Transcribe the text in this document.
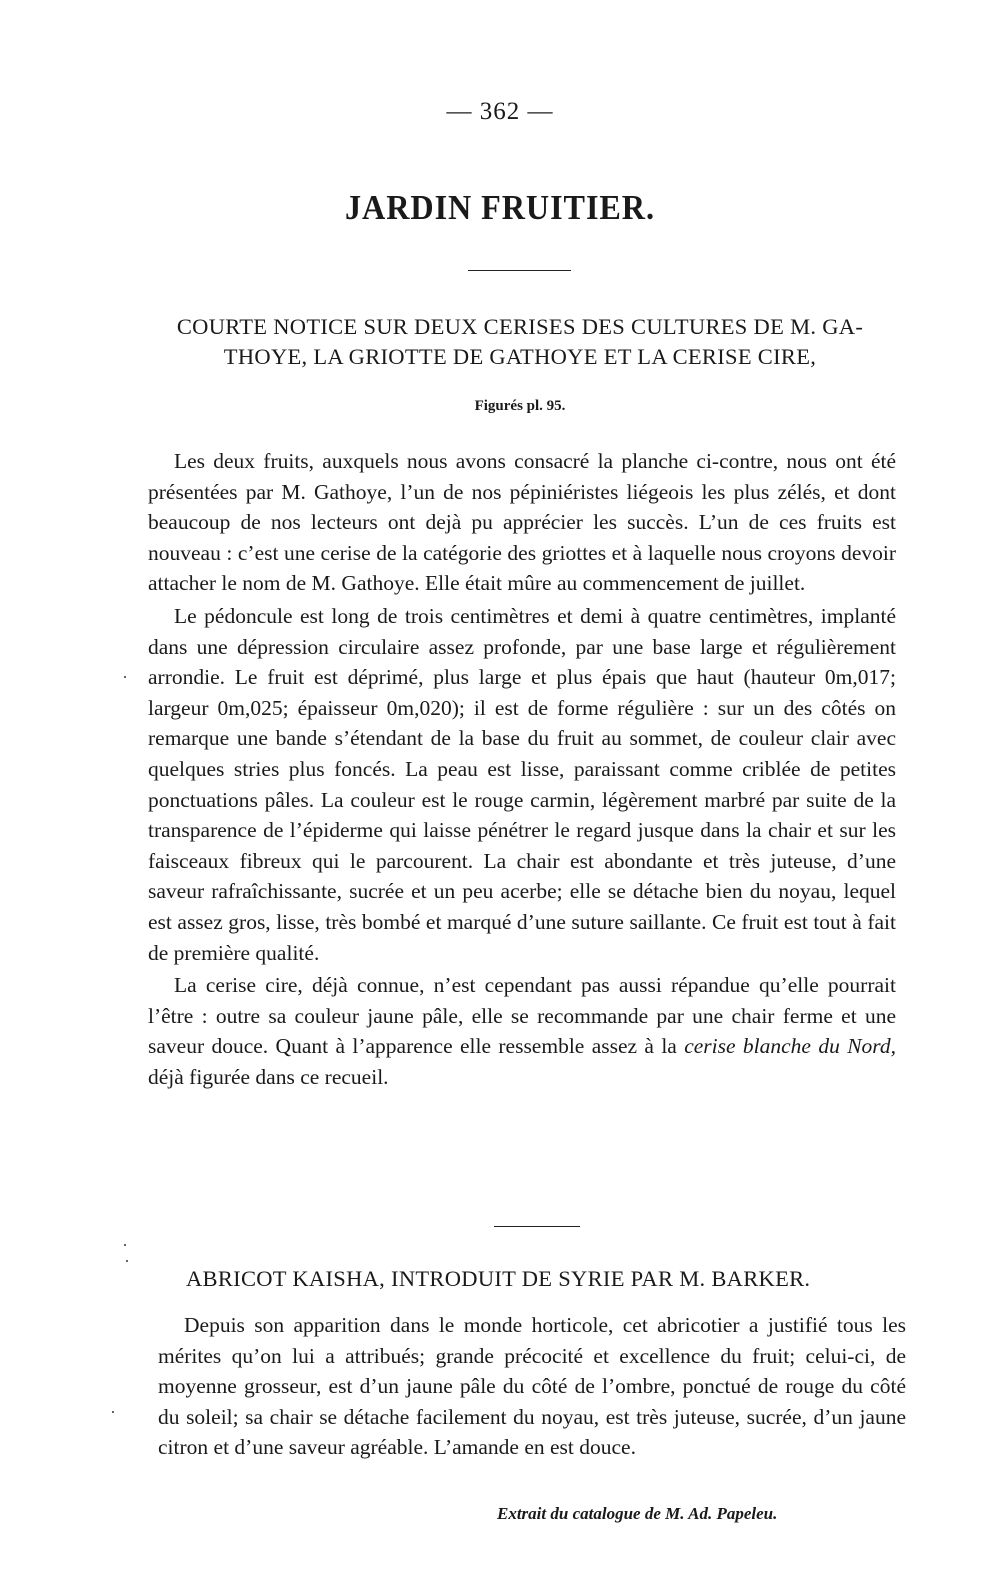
— 362 —
JARDIN FRUITIER.
COURTE NOTICE SUR DEUX CERISES DES CULTURES DE M. GA-
THOYE, LA GRIOTTE DE GATHOYE ET LA CERISE CIRE,
Figurés pl. 95.

Les deux fruits, auxquels nous avons consacré la planche ci-contre, nous ont été présentées par M. Gathoye, l’un de nos pépiniéristes liégeois les plus zélés, et dont beaucoup de nos lecteurs ont dejà pu apprécier les succès. L’un de ces fruits est nouveau : c’est une cerise de la catégorie des griottes et à laquelle nous croyons devoir attacher le nom de M. Gathoye. Elle était mûre au commencement de juillet.

Le pédoncule est long de trois centimètres et demi à quatre centimètres, implanté dans une dépression circulaire assez profonde, par une base large et régulièrement arrondie. Le fruit est déprimé, plus large et plus épais que haut (hauteur 0m,017; largeur 0m,025; épaisseur 0m,020); il est de forme régulière : sur un des côtés on remarque une bande s’étendant de la base du fruit au sommet, de couleur clair avec quelques stries plus foncés. La peau est lisse, paraissant comme criblée de petites ponctuations pâles. La couleur est le rouge carmin, légèrement marbré par suite de la transparence de l’épiderme qui laisse pénétrer le regard jusque dans la chair et sur les faisceaux fibreux qui le parcourent. La chair est abondante et très juteuse, d’une saveur rafraîchissante, sucrée et un peu acerbe; elle se détache bien du noyau, lequel est assez gros, lisse, très bombé et marqué d’une suture saillante. Ce fruit est tout à fait de première qualité.

La cerise cire, déjà connue, n’est cependant pas aussi répandue qu’elle pourrait l’être : outre sa couleur jaune pâle, elle se recommande par une chair ferme et une saveur douce. Quant à l’apparence elle ressemble assez à la cerise blanche du Nord, déjà figurée dans ce recueil.

ABRICOT KAISHA, INTRODUIT DE SYRIE PAR M. BARKER.

Depuis son apparition dans le monde horticole, cet abricotier a justifié tous les mérites qu’on lui a attribués; grande précocité et excellence du fruit; celui-ci, de moyenne grosseur, est d’un jaune pâle du côté de l’ombre, ponctué de rouge du côté du soleil; sa chair se détache facilement du noyau, est très juteuse, sucrée, d’un jaune citron et d’une saveur agréable. L’amande en est douce.

Extrait du catalogue de M. Ad. Papeleu.
